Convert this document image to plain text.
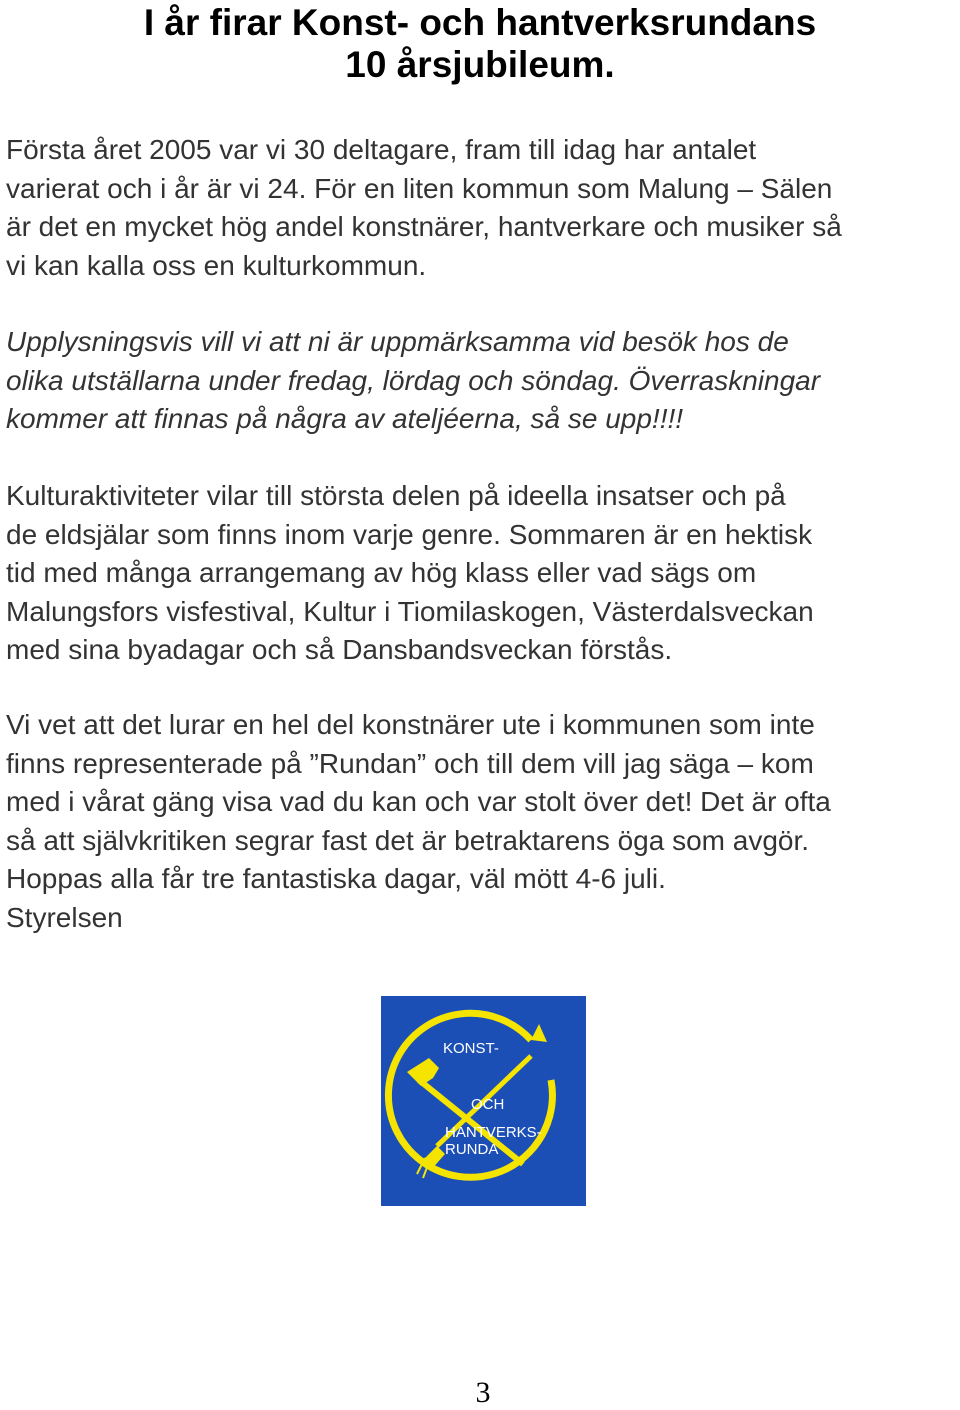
I år firar Konst- och hantverksrundans
10 årsjubileum.
Första året 2005 var vi 30 deltagare, fram till idag har antalet
varierat och i år är vi 24. För en liten kommun som Malung – Sälen
är det en mycket hög andel konstnärer, hantverkare och musiker så
vi kan kalla oss en kulturkommun.
Upplysningsvis vill vi att ni är uppmärksamma vid besök hos de
olika utställarna under fredag, lördag och söndag. Överraskningar
kommer att finnas på några av ateljéerna, så se upp!!!!
Kulturaktiviteter vilar till största delen på ideella insatser och på
de eldsjälar som finns inom varje genre. Sommaren är en hektisk
tid med många arrangemang av hög klass eller vad sägs om
Malungsfors visfestival, Kultur i Tiomilaskogen, Västerdalsveckan
med sina byadagar och så Dansbandsveckan förstås.
Vi vet att det lurar en hel del konstnärer ute i kommunen som inte
finns representerade på ”Rundan” och till dem vill jag säga – kom
med i vårat gäng visa vad du kan och var stolt över det! Det är ofta
så att självkritiken segrar fast det är betraktarens öga som avgör.
Hoppas alla får tre fantastiska dagar, väl mött 4-6 juli.
Styrelsen
KONST-
OCH
HANTVERKS-
RUNDA
3
